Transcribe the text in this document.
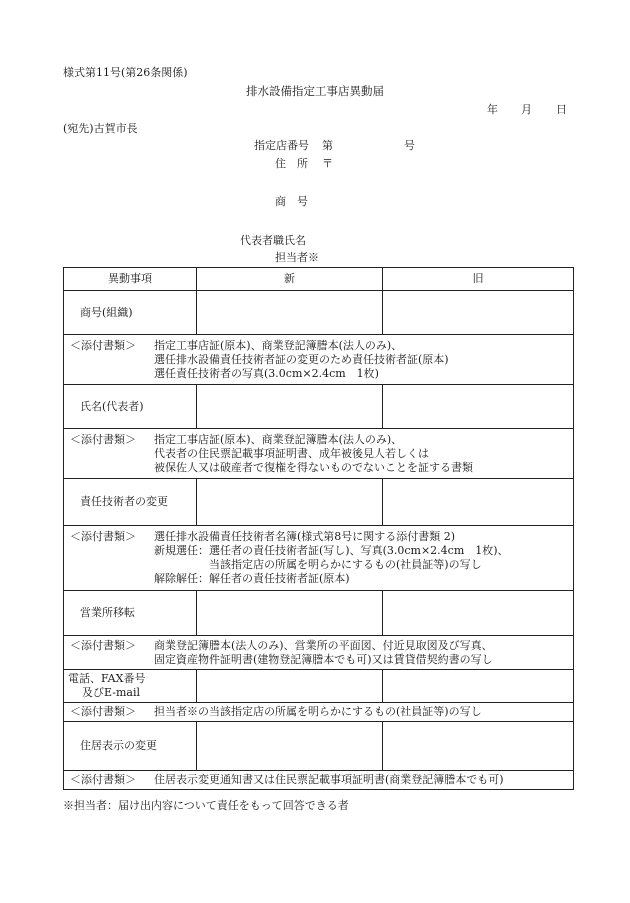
様式第11号(第26条関係)
排水設備指定工事店異動届
年 月 日
(宛先)古賀市長
指定店番号 第	号
住　所 〒
商　号
代表者職氏名
担当者※
異動事項	新	旧
商号(組織)		

＜添付書類＞ 指定工事店証(原本)、商業登記簿謄本(法人のみ)、
選任排水設備責任技術者証の変更のため責任技術者証(原本)
選任責任技術者の写真(3.0cm×2.4cm　1枚)		

氏名(代表者)		

＜添付書類＞ 指定工事店証(原本)、商業登記簿謄本(法人のみ)、
代表者の住民票記載事項証明書、成年被後見人若しくは
被保佐人又は破産者で復権を得ないものでないことを証する書類		

責任技術者の変更		

＜添付書類＞ 選任排水設備責任技術者名簿(様式第8号に関する添付書類 2)
新規選任：選任者の責任技術者証(写し)、写真(3.0cm×2.4cm　1枚)、
　　　　　当該指定店の所属を明らかにするもの(社員証等)の写し
解除解任：解任者の責任技術者証(原本)		

営業所移転		

＜添付書類＞ 商業登記簿謄本(法人のみ)、営業所の平面図、付近見取図及び写真、
固定資産物件証明書(建物登記簿謄本でも可)又は賃貸借契約書の写し		

電話、FAX番号
及びE-mail		

＜添付書類＞ 担当者※の当該指定店の所属を明らかにするもの(社員証等)の写し		

住居表示の変更		

＜添付書類＞ 住居表示変更通知書又は住民票記載事項証明書(商業登記簿謄本でも可)		
※担当者：届け出内容について責任をもって回答できる者
